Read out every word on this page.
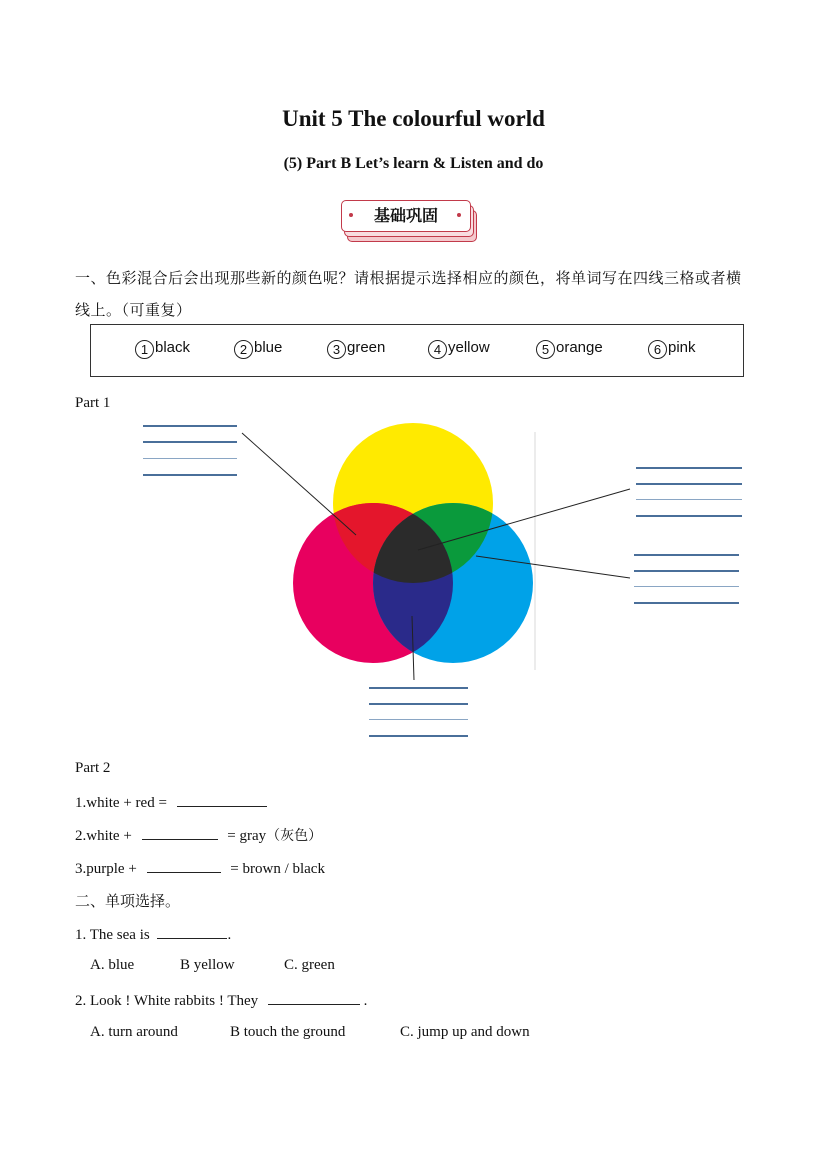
Unit 5 The colourful world
(5) Part B Let’s learn & Listen and do
基础巩固
一、色彩混合后会出现那些新的颜色呢？请根据提示选择相应的颜色，将单词写在四线三格或者横线上。（可重复）
1 black	2 blue	3 green	4 yellow	5 orange	6 pink
Part 1
Part 2
1.white + red =
2.white +	= gray（灰色）
3.purple +	= brown / black
二、单项选择。
1. The sea is	.
A. blue	B yellow	C. green
2. Look ! White rabbits ! They	.
A. turn around	B touch the ground	C. jump up and down
